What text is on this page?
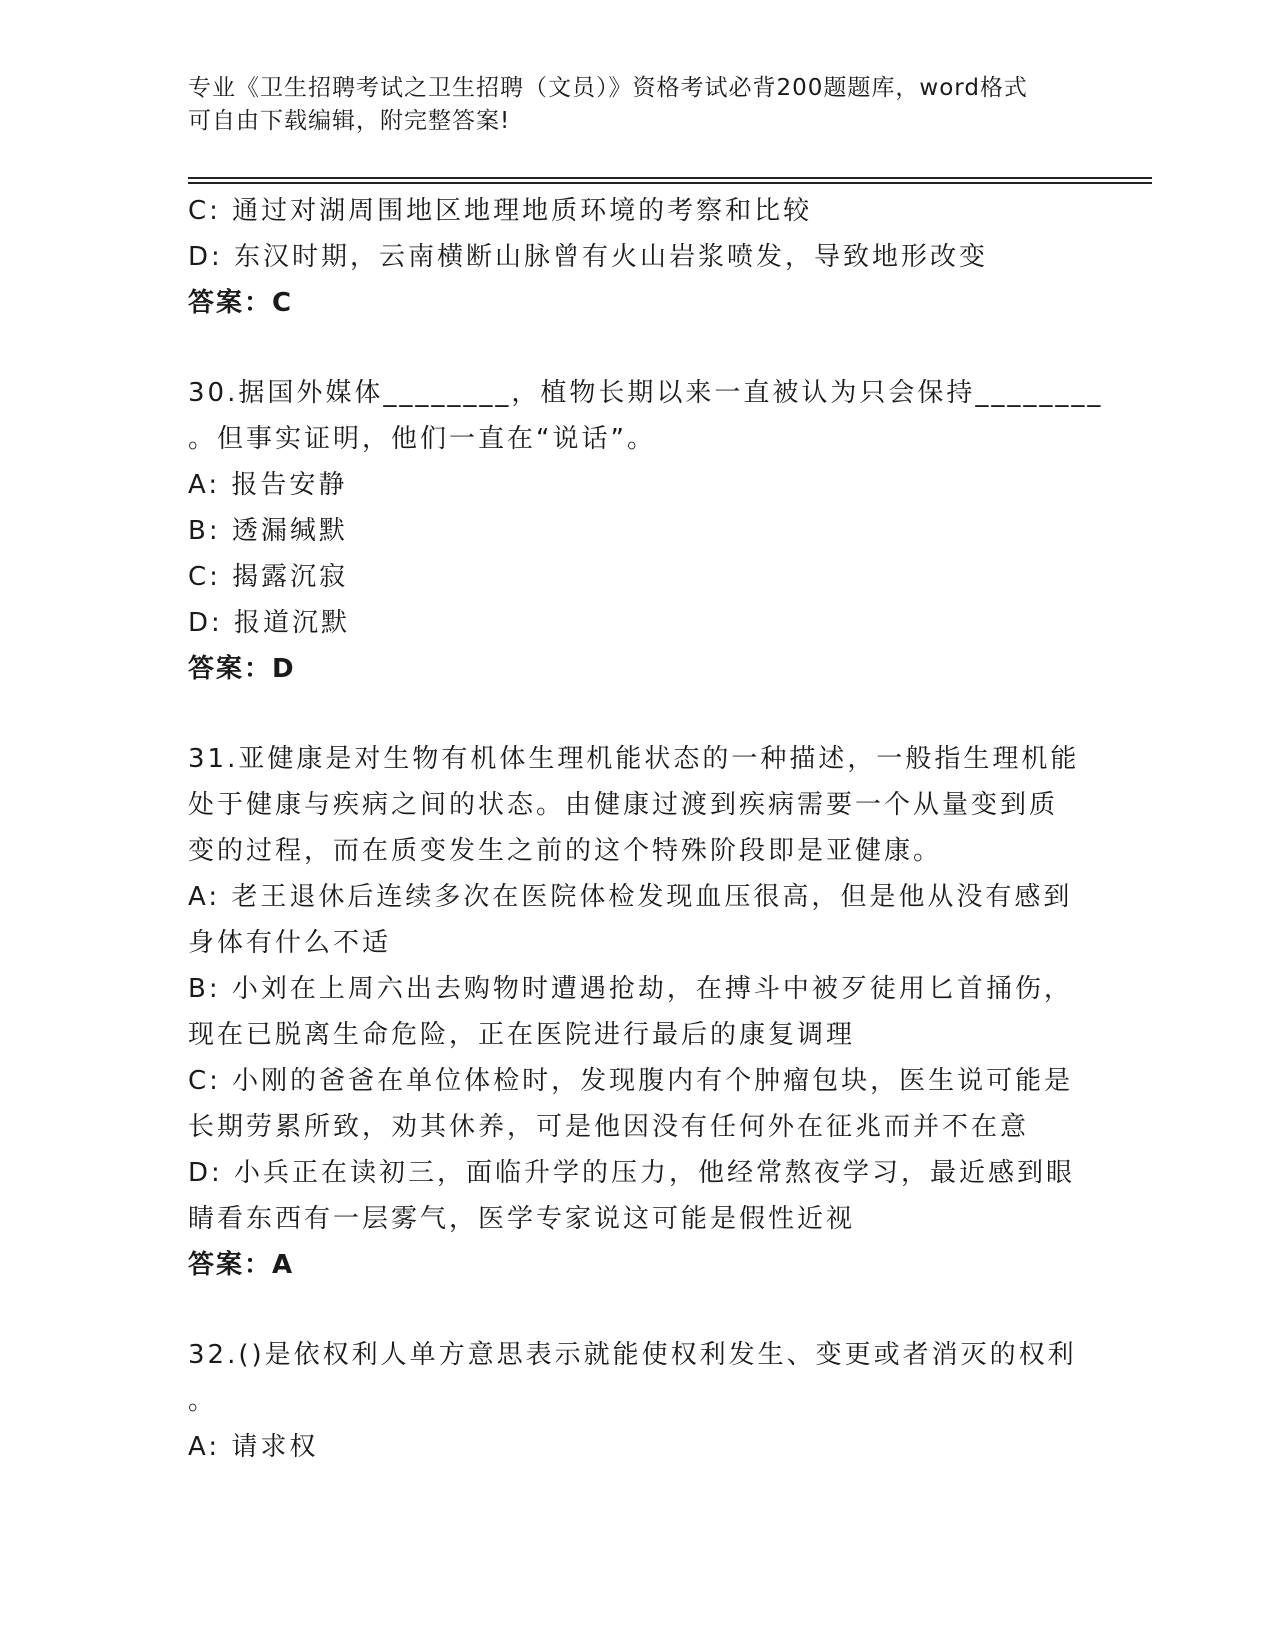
专业《卫生招聘考试之卫生招聘（文员）》资格考试必背200题题库，word格式
可自由下载编辑，附完整答案!
C: 通过对湖周围地区地理地质环境的考察和比较
D: 东汉时期，云南横断山脉曾有火山岩浆喷发，导致地形改变
答案：C
30.据国外媒体________，植物长期以来一直被认为只会保持________
。但事实证明，他们一直在“说话”。
A: 报告安静
B: 透漏缄默
C: 揭露沉寂
D: 报道沉默
答案：D
31.亚健康是对生物有机体生理机能状态的一种描述，一般指生理机能
处于健康与疾病之间的状态。由健康过渡到疾病需要一个从量变到质
变的过程，而在质变发生之前的这个特殊阶段即是亚健康。
A: 老王退休后连续多次在医院体检发现血压很高，但是他从没有感到
身体有什么不适
B: 小刘在上周六出去购物时遭遇抢劫，在搏斗中被歹徒用匕首捅伤，
现在已脱离生命危险，正在医院进行最后的康复调理
C: 小刚的爸爸在单位体检时，发现腹内有个肿瘤包块，医生说可能是
长期劳累所致，劝其休养，可是他因没有任何外在征兆而并不在意
D: 小兵正在读初三，面临升学的压力，他经常熬夜学习，最近感到眼
睛看东西有一层雾气，医学专家说这可能是假性近视
答案：A
32.()是依权利人单方意思表示就能使权利发生、变更或者消灭的权利
。
A: 请求权
